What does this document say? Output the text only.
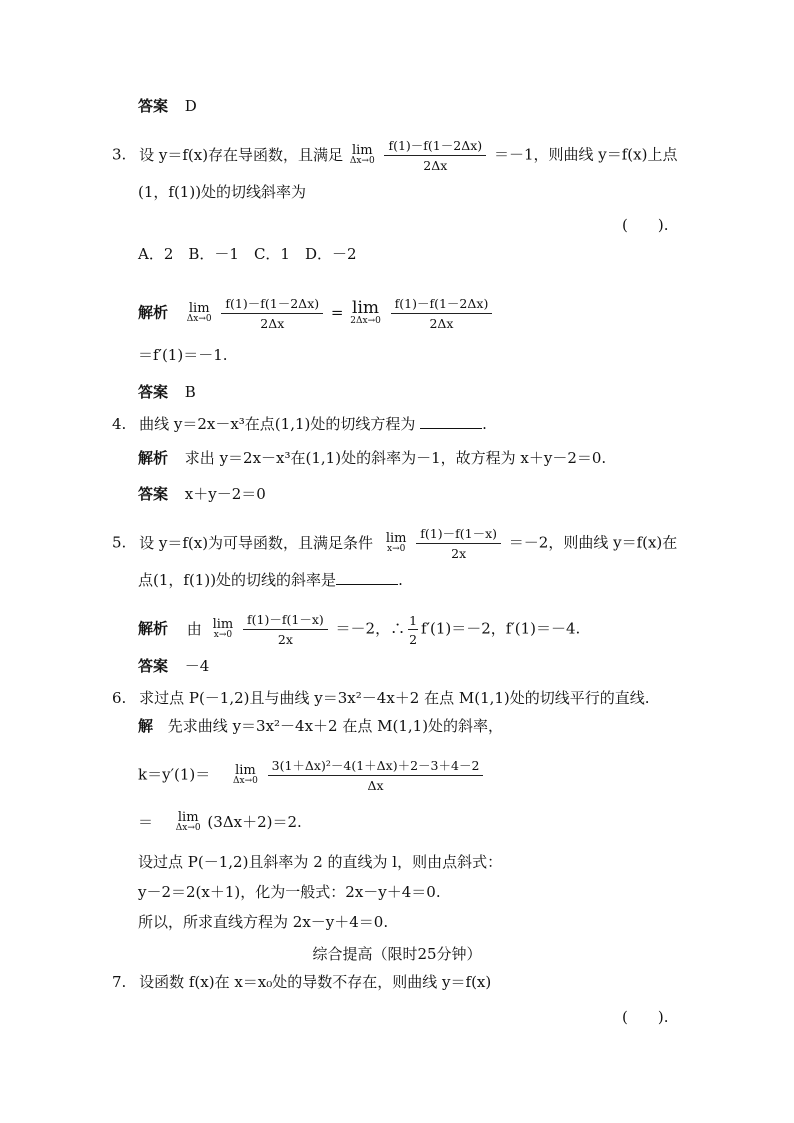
答案 D
3. 设 y＝f(x)存在导函数，且满足 lim
Δx→0
$\frac{f(1)-f(1-2\Delta x)}{2\Delta x} =-1$，则曲线 y＝f(x)上点
(1，f(1))处的切线斜率为
(　　).
A．2　B．－1　C．1　D．－2
解析 lim
Δx→0
$\frac{f(1)-f(1-2\Delta x)}{2\Delta x} = \lim$
2Δx→0
$\frac{f(1)-f(1-2\Delta x)}{2\Delta x}$
＝f′(1)＝－1.
答案 B
4. 曲线 y＝2x－x³在点(1,1)处的切线方程为	.
解析 求出 y＝2x－x³在(1,1)处的斜率为－1，故方程为 x＋y－2＝0.
答案 x＋y－2＝0
5. 设 y＝f(x)为可导函数，且满足条件 lim
x→0
$\frac{f(1)-f(1-x)}{2x} =-2$，则曲线 y＝f(x)在
点(1，f(1))处的切线的斜率是	.
解析 由 lim
x→0
$\frac{f(1)-f(1-x)}{2x} =-2$，∴ $\frac{1}{2} f'(1)=-2$，f′(1)＝－4.
答案 －4
6. 求过点 P(－1,2)且与曲线 y＝3x²－4x＋2 在点 M(1,1)处的切线平行的直线.
解 先求曲线 y＝3x²－4x＋2 在点 M(1,1)处的斜率，
k＝y′(1)＝ lim
Δx→0
$\frac{\text{3(1＋Δx)²－4(1＋Δx)＋2－3＋4－2}}{\Delta x}$
＝ lim
Δx→0 (3Δx＋2)＝2.
设过点 P(－1,2)且斜率为 2 的直线为 l，则由点斜式：
y－2＝2(x＋1)，化为一般式：2x－y＋4＝0.
所以，所求直线方程为 2x－y＋4＝0.
综合提高（限时25分钟）
7. 设函数 f(x)在 x＝x₀处的导数不存在，则曲线 y＝f(x)
(　　).
